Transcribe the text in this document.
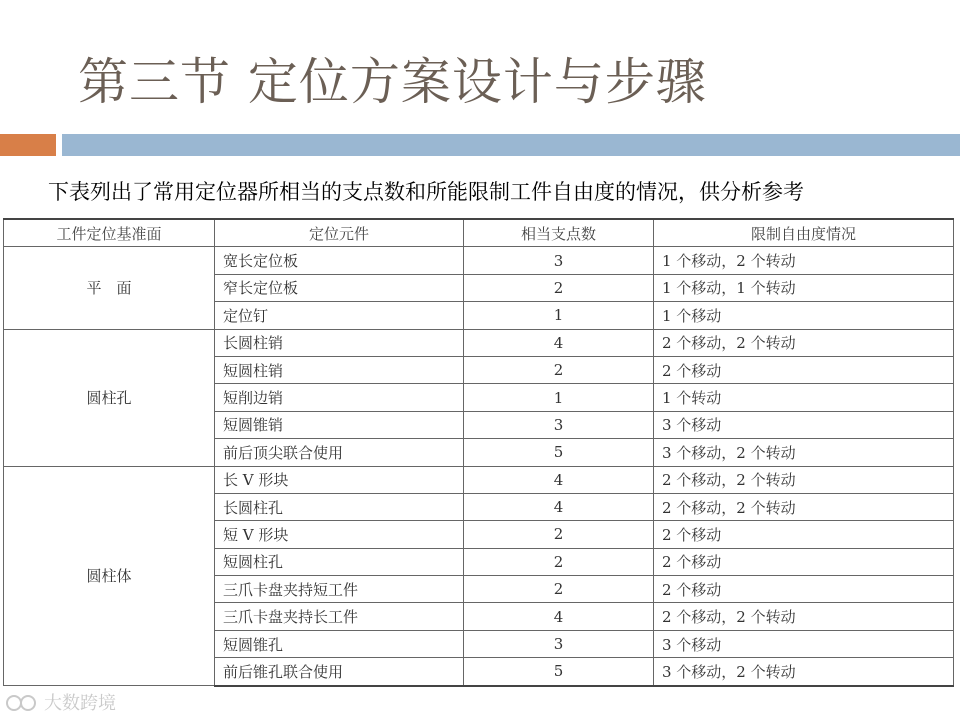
第三节 定位方案设计与步骤
下表列出了常用定位器所相当的支点数和所能限制工件自由度的情况，供分析参考
工件定位基准面	定位元件	相当支点数	限制自由度情况
平　面	宽长定位板	3	1 个移动，2 个转动
	窄长定位板	2	1 个移动，1 个转动
	定位钉	1	1 个移动
圆柱孔	长圆柱销	4	2 个移动，2 个转动
	短圆柱销	2	2 个移动
	短削边销	1	1 个转动
	短圆锥销	3	3 个移动
	前后顶尖联合使用	5	3 个移动，2 个转动
圆柱体	长 V 形块	4	2 个移动，2 个转动
	长圆柱孔	4	2 个移动，2 个转动
	短 V 形块	2	2 个移动
	短圆柱孔	2	2 个移动
	三爪卡盘夹持短工件	2	2 个移动
	三爪卡盘夹持长工件	4	2 个移动，2 个转动
	短圆锥孔	3	3 个移动
	前后锥孔联合使用	5	3 个移动，2 个转动
大数跨境
